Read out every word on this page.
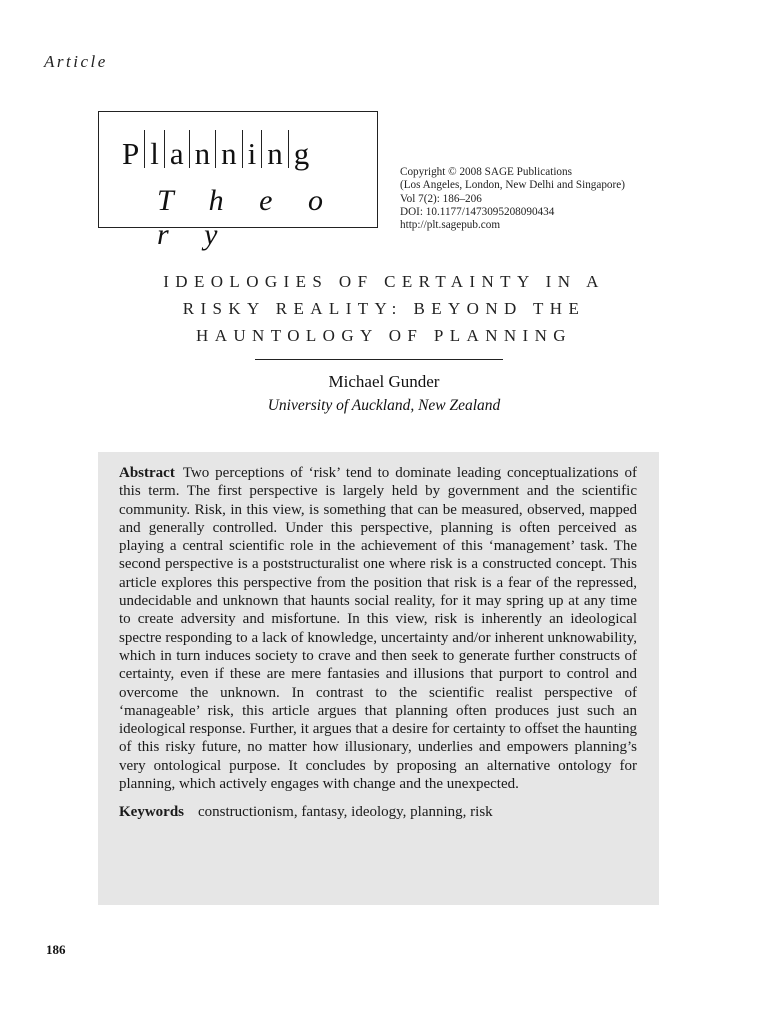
Article
P l a n n i n g
T h e o r y
Copyright © 2008 SAGE Publications
(Los Angeles, London, New Delhi and Singapore)
Vol 7(2): 186–206
DOI: 10.1177/1473095208090434
http://plt.sagepub.com
IDEOLOGIES OF CERTAINTY IN A
RISKY REALITY: BEYOND THE
HAUNTOLOGY OF PLANNING
Michael Gunder
University of Auckland, New Zealand
Abstract Two perceptions of ‘risk’ tend to dominate leading conceptualizations of this term. The first perspective is largely held by government and the scientific community. Risk, in this view, is something that can be measured, observed, mapped and generally controlled. Under this perspective, planning is often perceived as playing a central scientific role in the achievement of this ‘management’ task. The second perspective is a poststructuralist one where risk is a constructed concept. This article explores this perspective from the position that risk is a fear of the repressed, undecidable and unknown that haunts social reality, for it may spring up at any time to create adversity and misfortune. In this view, risk is inherently an ideological spectre responding to a lack of knowledge, uncertainty and/or inherent unknowability, which in turn induces society to crave and then seek to generate further constructs of certainty, even if these are mere fantasies and illusions that purport to control and overcome the unknown. In contrast to the scientific realist perspective of ‘manageable’ risk, this article argues that planning often produces just such an ideological response. Further, it argues that a desire for certainty to offset the haunting of this risky future, no matter how illusionary, underlies and empowers planning’s very ontological purpose. It concludes by proposing an alternative ontology for planning, which actively engages with change and the unexpected.
Keywords constructionism, fantasy, ideology, planning, risk
186
